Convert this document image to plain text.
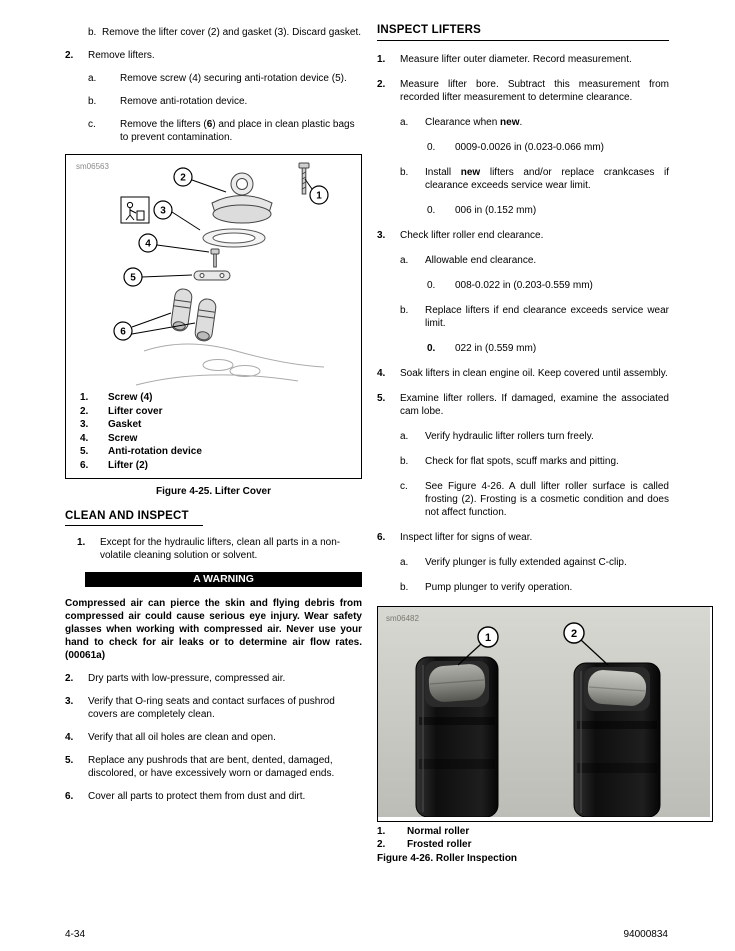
b. Remove the lifter cover (2) and gasket (3). Discard gasket.
2.	Remove lifters.
a.	Remove screw (4) securing anti-rotation device (5).
b.	Remove anti-rotation device.
c.	Remove the lifters (6) and place in clean plastic bags to prevent contamination.
sm06563
1
2
3
4
5
6
1.	Screw (4)
2.	Lifter cover
3.	Gasket
4.	Screw
5.	Anti-rotation device
6.	Lifter (2)
Figure 4-25. Lifter Cover
CLEAN AND INSPECT
1.	Except for the hydraulic lifters, clean all parts in a non-volatile cleaning solution or solvent.
A WARNING
Compressed air can pierce the skin and flying debris from compressed air could cause serious eye injury. Wear safety glasses when working with compressed air. Never use your hand to check for air leaks or to determine air flow rates. (00061a)
2.	Dry parts with low-pressure, compressed air.
3.	Verify that O-ring seats and contact surfaces of pushrod covers are completely clean.
4.	Verify that all oil holes are clean and open.
5.	Replace any pushrods that are bent, dented, damaged, discolored, or have excessively worn or damaged ends.
6.	Cover all parts to protect them from dust and dirt.
INSPECT LIFTERS
1.	Measure lifter outer diameter. Record measurement.
2.	Measure lifter bore. Subtract this measurement from recorded lifter measurement to determine clearance.
a.	Clearance when new.
0.	0009-0.0026 in (0.023-0.066 mm)
b.	Install new lifters and/or replace crankcases if clearance exceeds service wear limit.
0.	006 in (0.152 mm)
3.	Check lifter roller end clearance.
a.	Allowable end clearance.
0.	008-0.022 in (0.203-0.559 mm)
b.	Replace lifters if end clearance exceeds service wear limit.
0.	022 in (0.559 mm)
4.	Soak lifters in clean engine oil. Keep covered until assembly.
5.	Examine lifter rollers. If damaged, examine the associated cam lobe.
a.	Verify hydraulic lifter rollers turn freely.
b.	Check for flat spots, scuff marks and pitting.
c.	See Figure 4-26. A dull lifter roller surface is called frosting (2). Frosting is a cosmetic condition and does not affect function.
6.	Inspect lifter for signs of wear.
a.	Verify plunger is fully extended against C-clip.
b.	Pump plunger to verify operation.
sm06482
1	2
1.	Normal roller
2.	Frosted roller
Figure 4-26. Roller Inspection
4-34	94000834
